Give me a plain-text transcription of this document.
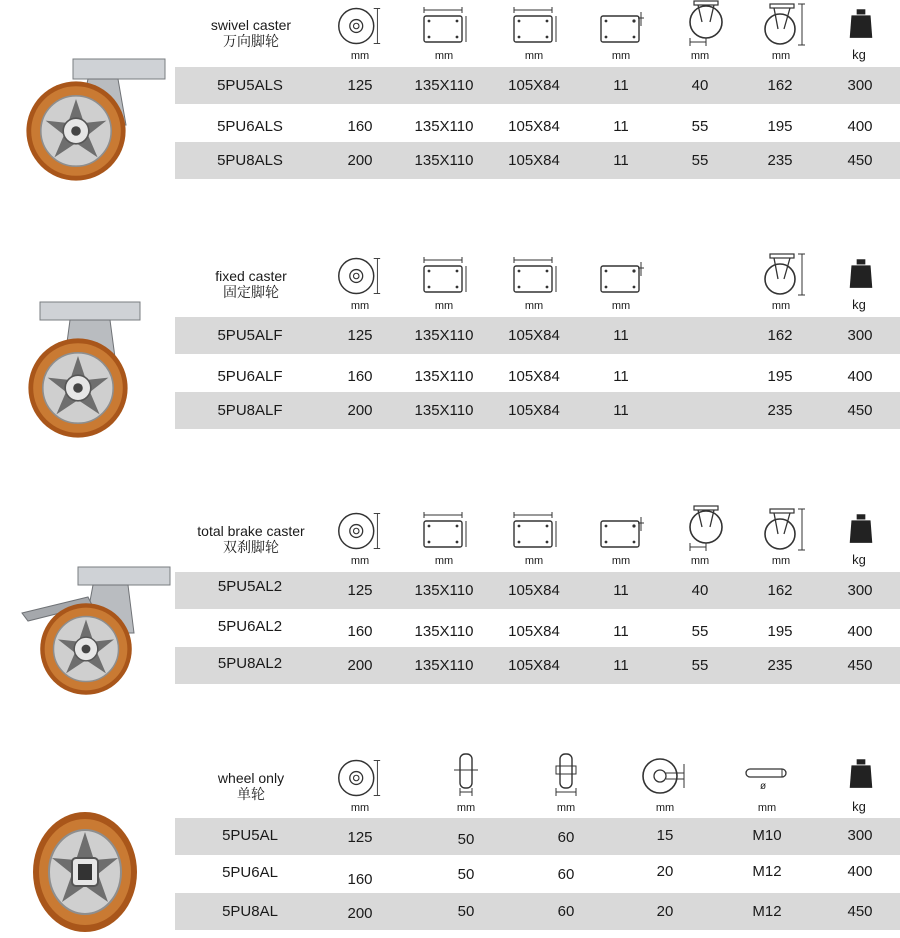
swivel caster
万向脚轮
mm	mm	mm	mm	mm	mm	kg
5PU5ALS	125	135X110	105X84	11	40	162	300
5PU6ALS	160	135X110	105X84	11	55	195	400
5PU8ALS	200	135X110	105X84	11	55	235	450
fixed caster
固定脚轮
mm	mm	mm	mm	mm	kg
5PU5ALF	125	135X110	105X84	11	162	300
5PU6ALF	160	135X110	105X84	11	195	400
5PU8ALF	200	135X110	105X84	11	235	450
total brake caster
双刹脚轮
mm	mm	mm	mm	mm	mm	kg
5PU5AL2	125	135X110	105X84	11	40	162	300
5PU6AL2	160	135X110	105X84	11	55	195	400
5PU8AL2	200	135X110	105X84	11	55	235	450
wheel only
单轮	ø
mm	mm	mm	mm	mm	kg
5PU5AL	125	50	60	15	M10	300
5PU6AL	160	50	60	20	M12	400
5PU8AL	200	50	60	20	M12	450
